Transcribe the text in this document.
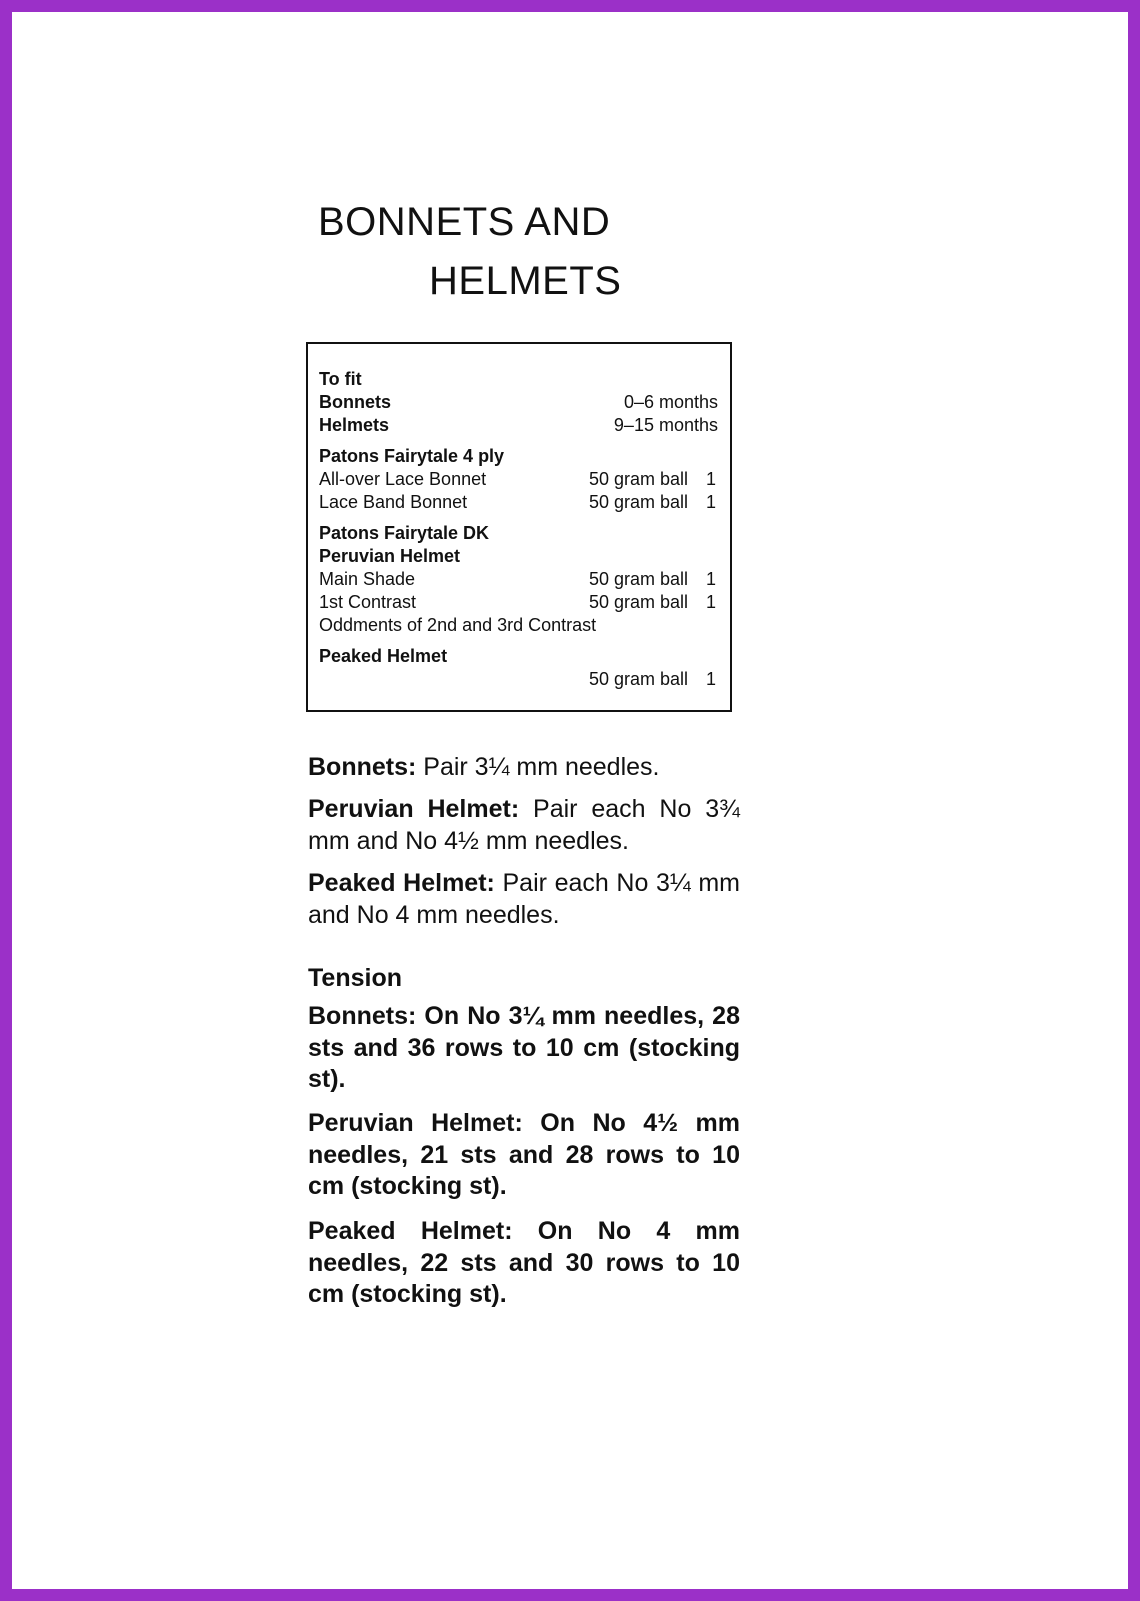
BONNETS AND
HELMETS
To fit
Bonnets	0–6 months
Helmets	9–15 months
Patons Fairytale 4 ply
All-over Lace Bonnet	50 gram ball 1
Lace Band Bonnet	50 gram ball 1
Patons Fairytale DK
Peruvian Helmet
Main Shade	50 gram ball 1
1st Contrast	50 gram ball 1
Oddments of 2nd and 3rd Contrast
Peaked Helmet
50 gram ball 1
Bonnets: Pair 3¼ mm needles.
Peruvian Helmet: Pair each No 3¾ mm and No 4½ mm needles.
Peaked Helmet: Pair each No 3¼ mm and No 4 mm needles.
Tension
Bonnets: On No 3¼ mm needles, 28 sts and 36 rows to 10 cm (stocking st).
Peruvian Helmet: On No 4½ mm needles, 21 sts and 28 rows to 10 cm (stocking st).
Peaked Helmet: On No 4 mm needles, 22 sts and 30 rows to 10 cm (stocking st).
